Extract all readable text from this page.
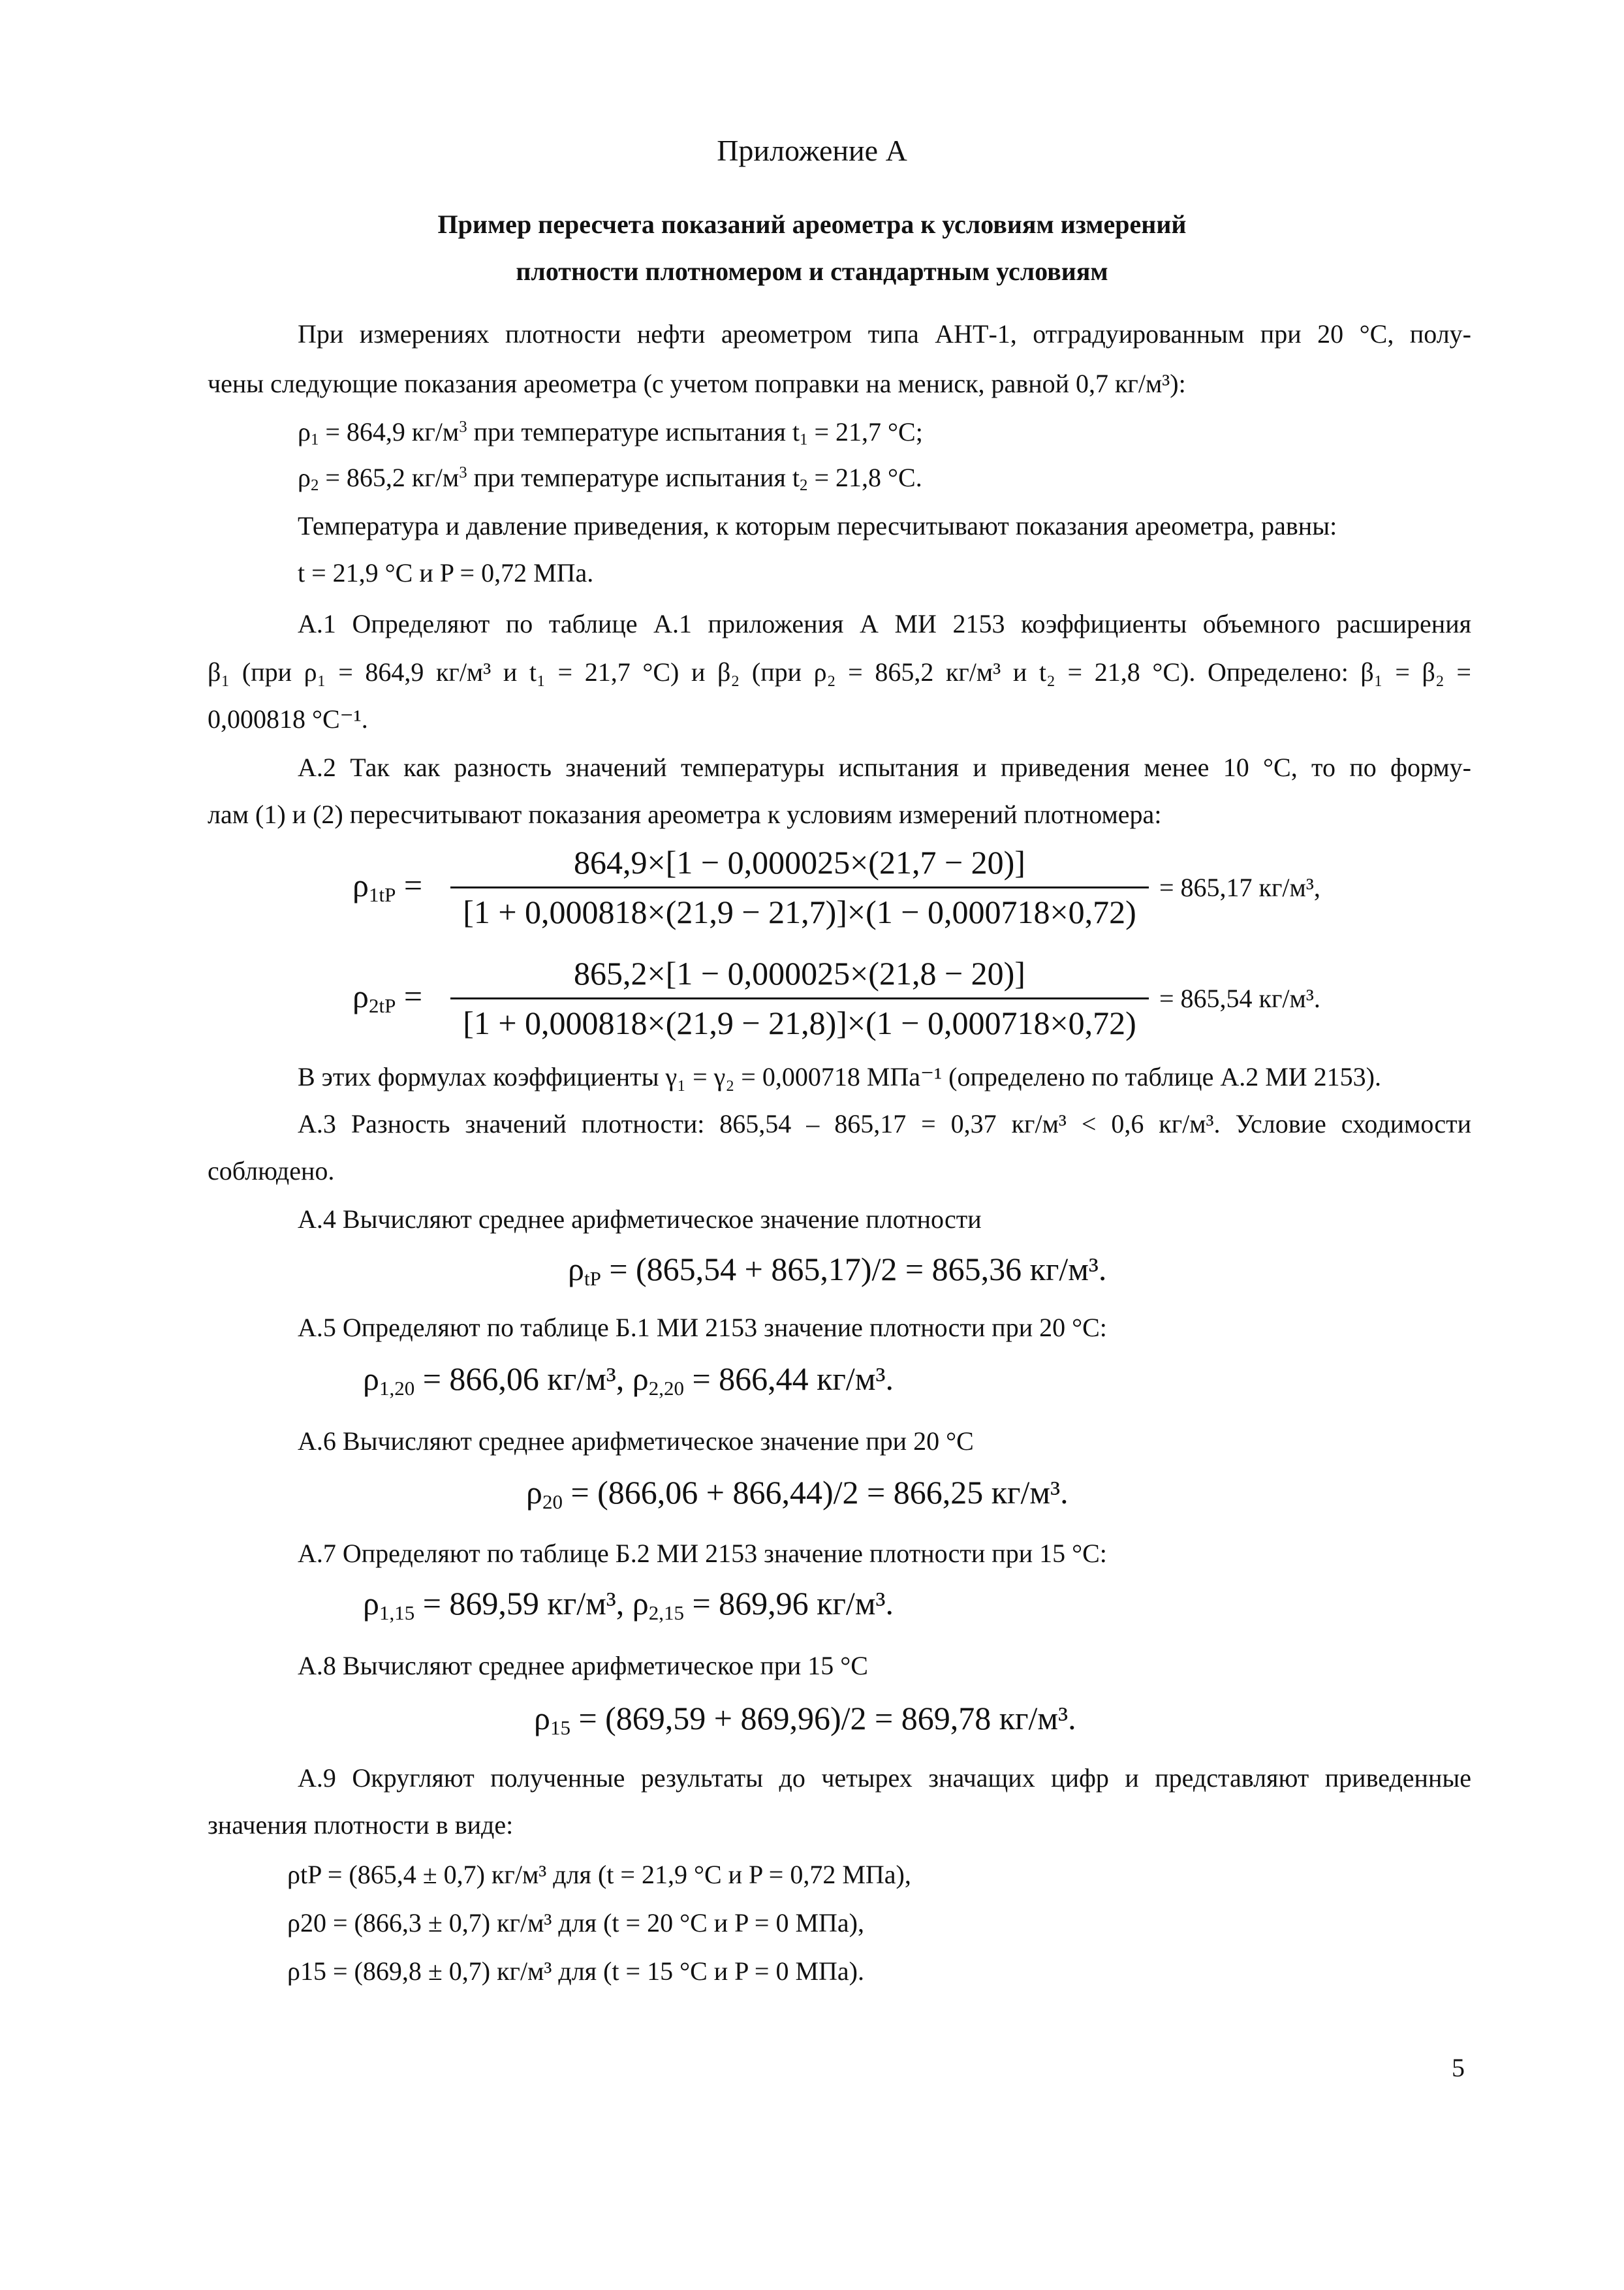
Приложение А
Пример пересчета показаний ареометра к условиям измерений
плотности плотномером и стандартным условиям
При измерениях плотности нефти ареометром типа АНТ-1, отградуированным при 20 °С, полу-
чены следующие показания ареометра (с учетом поправки на мениск, равной 0,7 кг/м³):
$\rho_1 = 864,9$ $кг/м^3$ при температуре испытания $t_1 = 21,7$ °С;
$\rho_2 = 865,2$ $кг/м^3$ при температуре испытания $t_2 = 21,8$ °С.
Температура и давление приведения, к которым пересчитывают показания ареометра, равны:
t = 21,9 °С и P = 0,72 МПа.
А.1 Определяют по таблице А.1 приложения А МИ 2153 коэффициенты объемного расширения
β₁ (при ρ₁ = 864,9 кг/м³ и t₁ = 21,7 °С) и β₂ (при ρ₂ = 865,2 кг/м³ и t₂ = 21,8 °С). Определено: β₁ = β₂ =
0,000818 °С⁻¹.
А.2 Так как разность значений температуры испытания и приведения менее 10 °С, то по форму-
лам (1) и (2) пересчитывают показания ареометра к условиям измерений плотномера:
$\rho_{1tP}$ =
864,9×[1 − 0,000025×(21,7 − 20)]
[1 + 0,000818×(21,9 − 21,7)]×(1 − 0,000718×0,72)
= 865,17 кг/м³,
$\rho_{2tP}$ =
865,2×[1 − 0,000025×(21,8 − 20)]
[1 + 0,000818×(21,9 − 21,8)]×(1 − 0,000718×0,72)
= 865,54 кг/м³.
В этих формулах коэффициенты γ₁ = γ₂ = 0,000718 МПа⁻¹ (определено по таблице А.2 МИ 2153).
А.3 Разность значений плотности: 865,54 – 865,17 = 0,37 кг/м³ < 0,6 кг/м³. Условие сходимости
соблюдено.
А.4 Вычисляют среднее арифметическое значение плотности
$\rho_{tP} = (865,54 + 865,17)/2 = 865,36$ кг/м³.
А.5 Определяют по таблице Б.1 МИ 2153 значение плотности при 20 °С:
$\rho_{1,20} = 866,06$ кг/м³, $\rho_{2,20} = 866,44$ кг/м³.
А.6 Вычисляют среднее арифметическое значение при 20 °С
$\rho_{20} = (866,06 + 866,44)/2 = 866,25$ кг/м³.
А.7 Определяют по таблице Б.2 МИ 2153 значение плотности при 15 °С:
$\rho_{1,15} = 869,59$ кг/м³, $\rho_{2,15} = 869,96$ кг/м³.
А.8 Вычисляют среднее арифметическое при 15 °С
$\rho_{15} = (869,59 + 869,96)/2 = 869,78$ кг/м³.
А.9 Округляют полученные результаты до четырех значащих цифр и представляют приведенные
значения плотности в виде:
ρtP = (865,4 ± 0,7) кг/м³ для (t = 21,9 °С и P = 0,72 МПа),
ρ20 = (866,3 ± 0,7) кг/м³ для (t = 20 °С и P = 0 МПа),
ρ15 = (869,8 ± 0,7) кг/м³ для (t = 15 °С и P = 0 МПа).
5
